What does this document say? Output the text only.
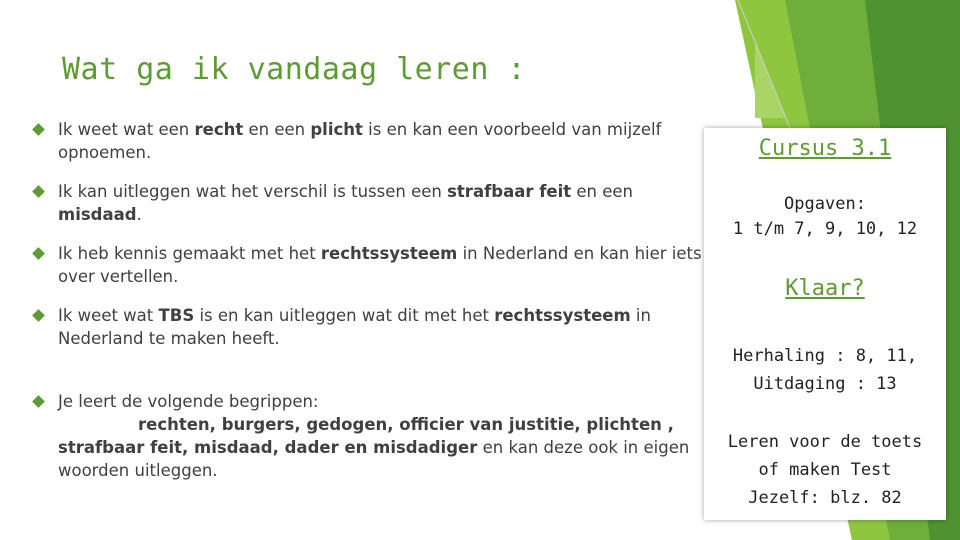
Wat ga ik vandaag leren :
Ik weet wat een recht en een plicht is en kan een voorbeeld van mijzelf opnoemen.
Ik kan uitleggen wat het verschil is tussen een strafbaar feit en een misdaad.
Ik heb kennis gemaakt met het rechtssysteem in Nederland en kan hier iets over vertellen.
Ik weet wat TBS is en kan uitleggen wat dit met het rechtssysteem in Nederland te maken heeft.
Je leert de volgende begrippen:
rechten, burgers, gedogen, officier van justitie, plichten , strafbaar feit, misdaad, dader en misdadiger en kan deze ook in eigen woorden uitleggen.
Cursus 3.1
Opgaven:
1 t/m 7, 9, 10, 12
Klaar?
Herhaling : 8, 11,
Uitdaging : 13
Leren voor de toets
of maken Test
Jezelf: blz. 82
